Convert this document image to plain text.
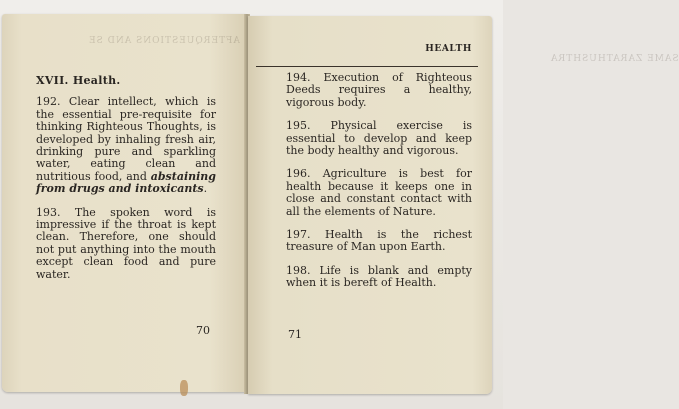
AFTERQUESTIONS AND SE
XVII. Health.

192. Clear intellect, which is the essential pre-requisite for thinking Righteous Thoughts, is developed by inhaling fresh air, drinking pure and sparkling water, eating clean and nutritious food, and abstaining from drugs and intoxicants.

193. The spoken word is impressive if the throat is kept clean. Therefore, one should not put anything into the mouth except clean food and pure water.

70
SAME ZARATHUSHTRA
HEALTH

194. Execution of Righteous Deeds requires a healthy, vigorous body.

195. Physical exercise is essential to develop and keep the body healthy and vigorous.

196. Agriculture is best for health because it keeps one in close and constant contact with all the elements of Nature.

197. Health is the richest treasure of Man upon Earth.

198. Life is blank and empty when it is bereft of Health.

71
